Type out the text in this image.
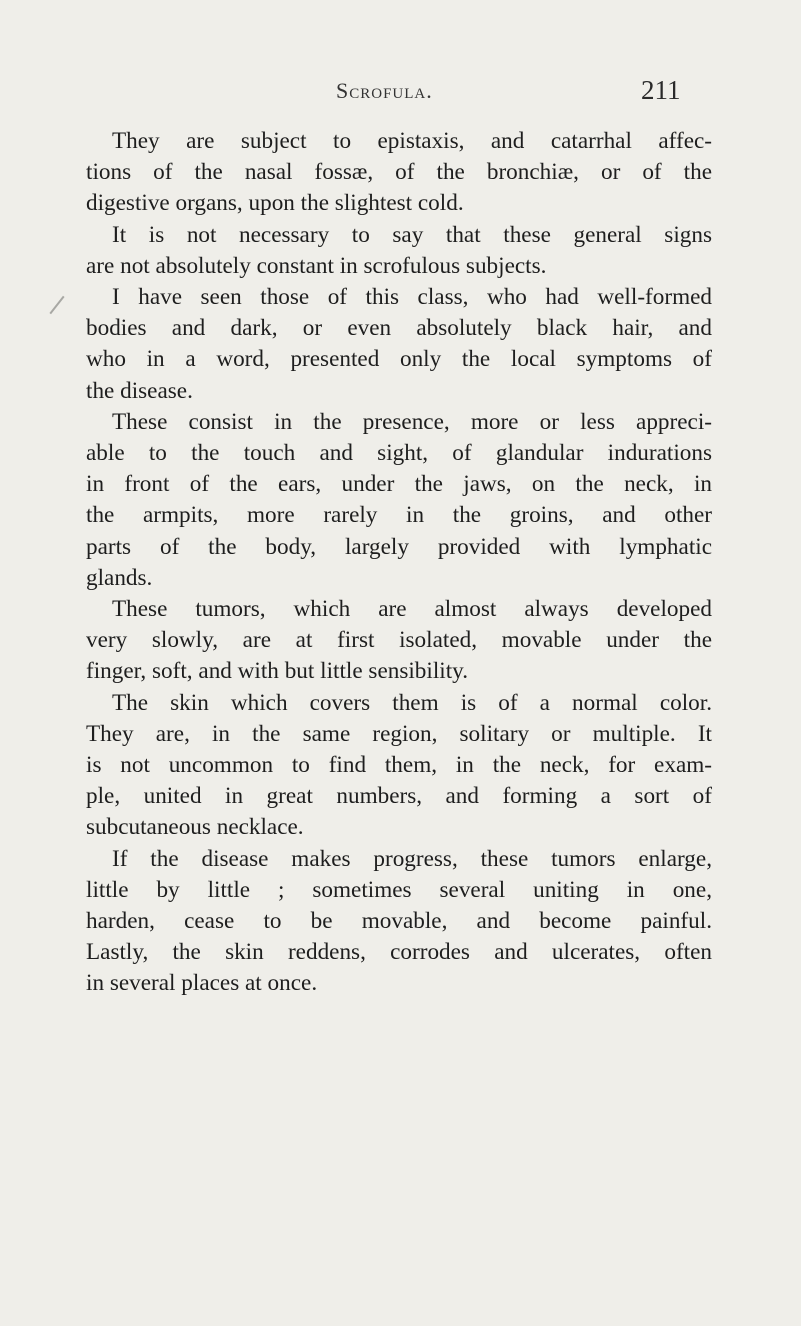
Scrofula.	211
They are subject to epistaxis, and catarrhal affec-
tions of the nasal fossæ, of the bronchiæ, or of the
digestive organs, upon the slightest cold.
It is not necessary to say that these general signs
are not absolutely constant in scrofulous subjects.
I have seen those of this class, who had well-formed
bodies and dark, or even absolutely black hair, and
who in a word, presented only the local symptoms of
the disease.
These consist in the presence, more or less appreci-
able to the touch and sight, of glandular indurations
in front of the ears, under the jaws, on the neck, in
the armpits, more rarely in the groins, and other
parts of the body, largely provided with lymphatic
glands.
These tumors, which are almost always developed
very slowly, are at first isolated, movable under the
finger, soft, and with but little sensibility.
The skin which covers them is of a normal color.
They are, in the same region, solitary or multiple. It
is not uncommon to find them, in the neck, for exam-
ple, united in great numbers, and forming a sort of
subcutaneous necklace.
If the disease makes progress, these tumors enlarge,
little by little ; sometimes several uniting in one,
harden, cease to be movable, and become painful.
Lastly, the skin reddens, corrodes and ulcerates, often
in several places at once.
